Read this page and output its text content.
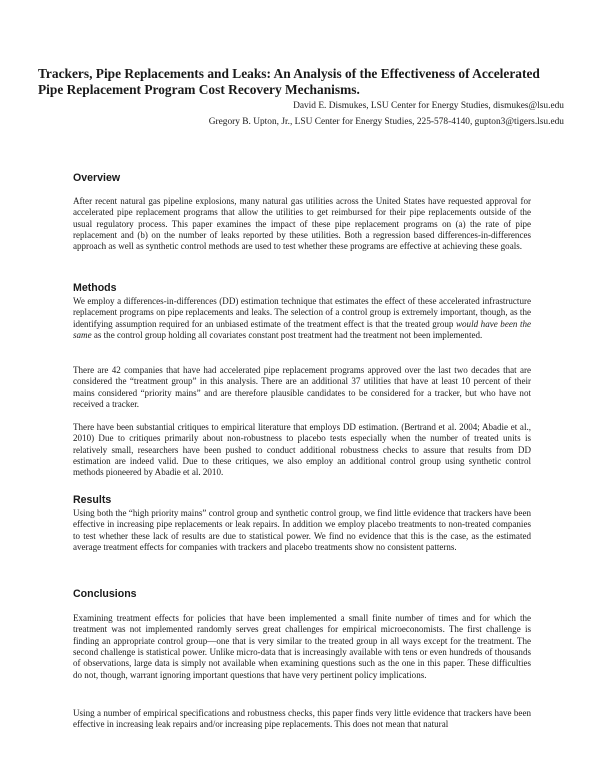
Trackers, Pipe Replacements and Leaks: An Analysis of the Effectiveness of Accelerated Pipe Replacement Program Cost Recovery Mechanisms.

David E. Dismukes, LSU Center for Energy Studies, dismukes@lsu.edu

Gregory B. Upton, Jr., LSU Center for Energy Studies, 225-578-4140, gupton3@tigers.lsu.edu

Overview

After recent natural gas pipeline explosions, many natural gas utilities across the United States have requested approval for accelerated pipe replacement programs that allow the utilities to get reimbursed for their pipe replacements outside of the usual regulatory process. This paper examines the impact of these pipe replacement programs on (a) the rate of pipe replacement and (b) on the number of leaks reported by these utilities. Both a regression based differences-in-differences approach as well as synthetic control methods are used to test whether these programs are effective at achieving these goals.

Methods

We employ a differences-in-differences (DD) estimation technique that estimates the effect of these accelerated infrastructure replacement programs on pipe replacements and leaks. The selection of a control group is extremely important, though, as the identifying assumption required for an unbiased estimate of the treatment effect is that the treated group would have been the same as the control group holding all covariates constant post treatment had the treatment not been implemented.

There are 42 companies that have had accelerated pipe replacement programs approved over the last two decades that are considered the “treatment group” in this analysis. There are an additional 37 utilities that have at least 10 percent of their mains considered “priority mains” and are therefore plausible candidates to be considered for a tracker, but who have not received a tracker.

There have been substantial critiques to empirical literature that employs DD estimation. (Bertrand et al. 2004; Abadie et al., 2010) Due to critiques primarily about non-robustness to placebo tests especially when the number of treated units is relatively small, researchers have been pushed to conduct additional robustness checks to assure that results from DD estimation are indeed valid. Due to these critiques, we also employ an additional control group using synthetic control methods pioneered by Abadie et al. 2010.

Results

Using both the “high priority mains” control group and synthetic control group, we find little evidence that trackers have been effective in increasing pipe replacements or leak repairs. In addition we employ placebo treatments to non-treated companies to test whether these lack of results are due to statistical power. We find no evidence that this is the case, as the estimated average treatment effects for companies with trackers and placebo treatments show no consistent patterns.

Conclusions

Examining treatment effects for policies that have been implemented a small finite number of times and for which the treatment was not implemented randomly serves great challenges for empirical microeconomists. The first challenge is finding an appropriate control group—one that is very similar to the treated group in all ways except for the treatment. The second challenge is statistical power. Unlike micro-data that is increasingly available with tens or even hundreds of thousands of observations, large data is simply not available when examining questions such as the one in this paper. These difficulties do not, though, warrant ignoring important questions that have very pertinent policy implications.

Using a number of empirical specifications and robustness checks, this paper finds very little evidence that trackers have been effective in increasing leak repairs and/or increasing pipe replacements. This does not mean that natural
